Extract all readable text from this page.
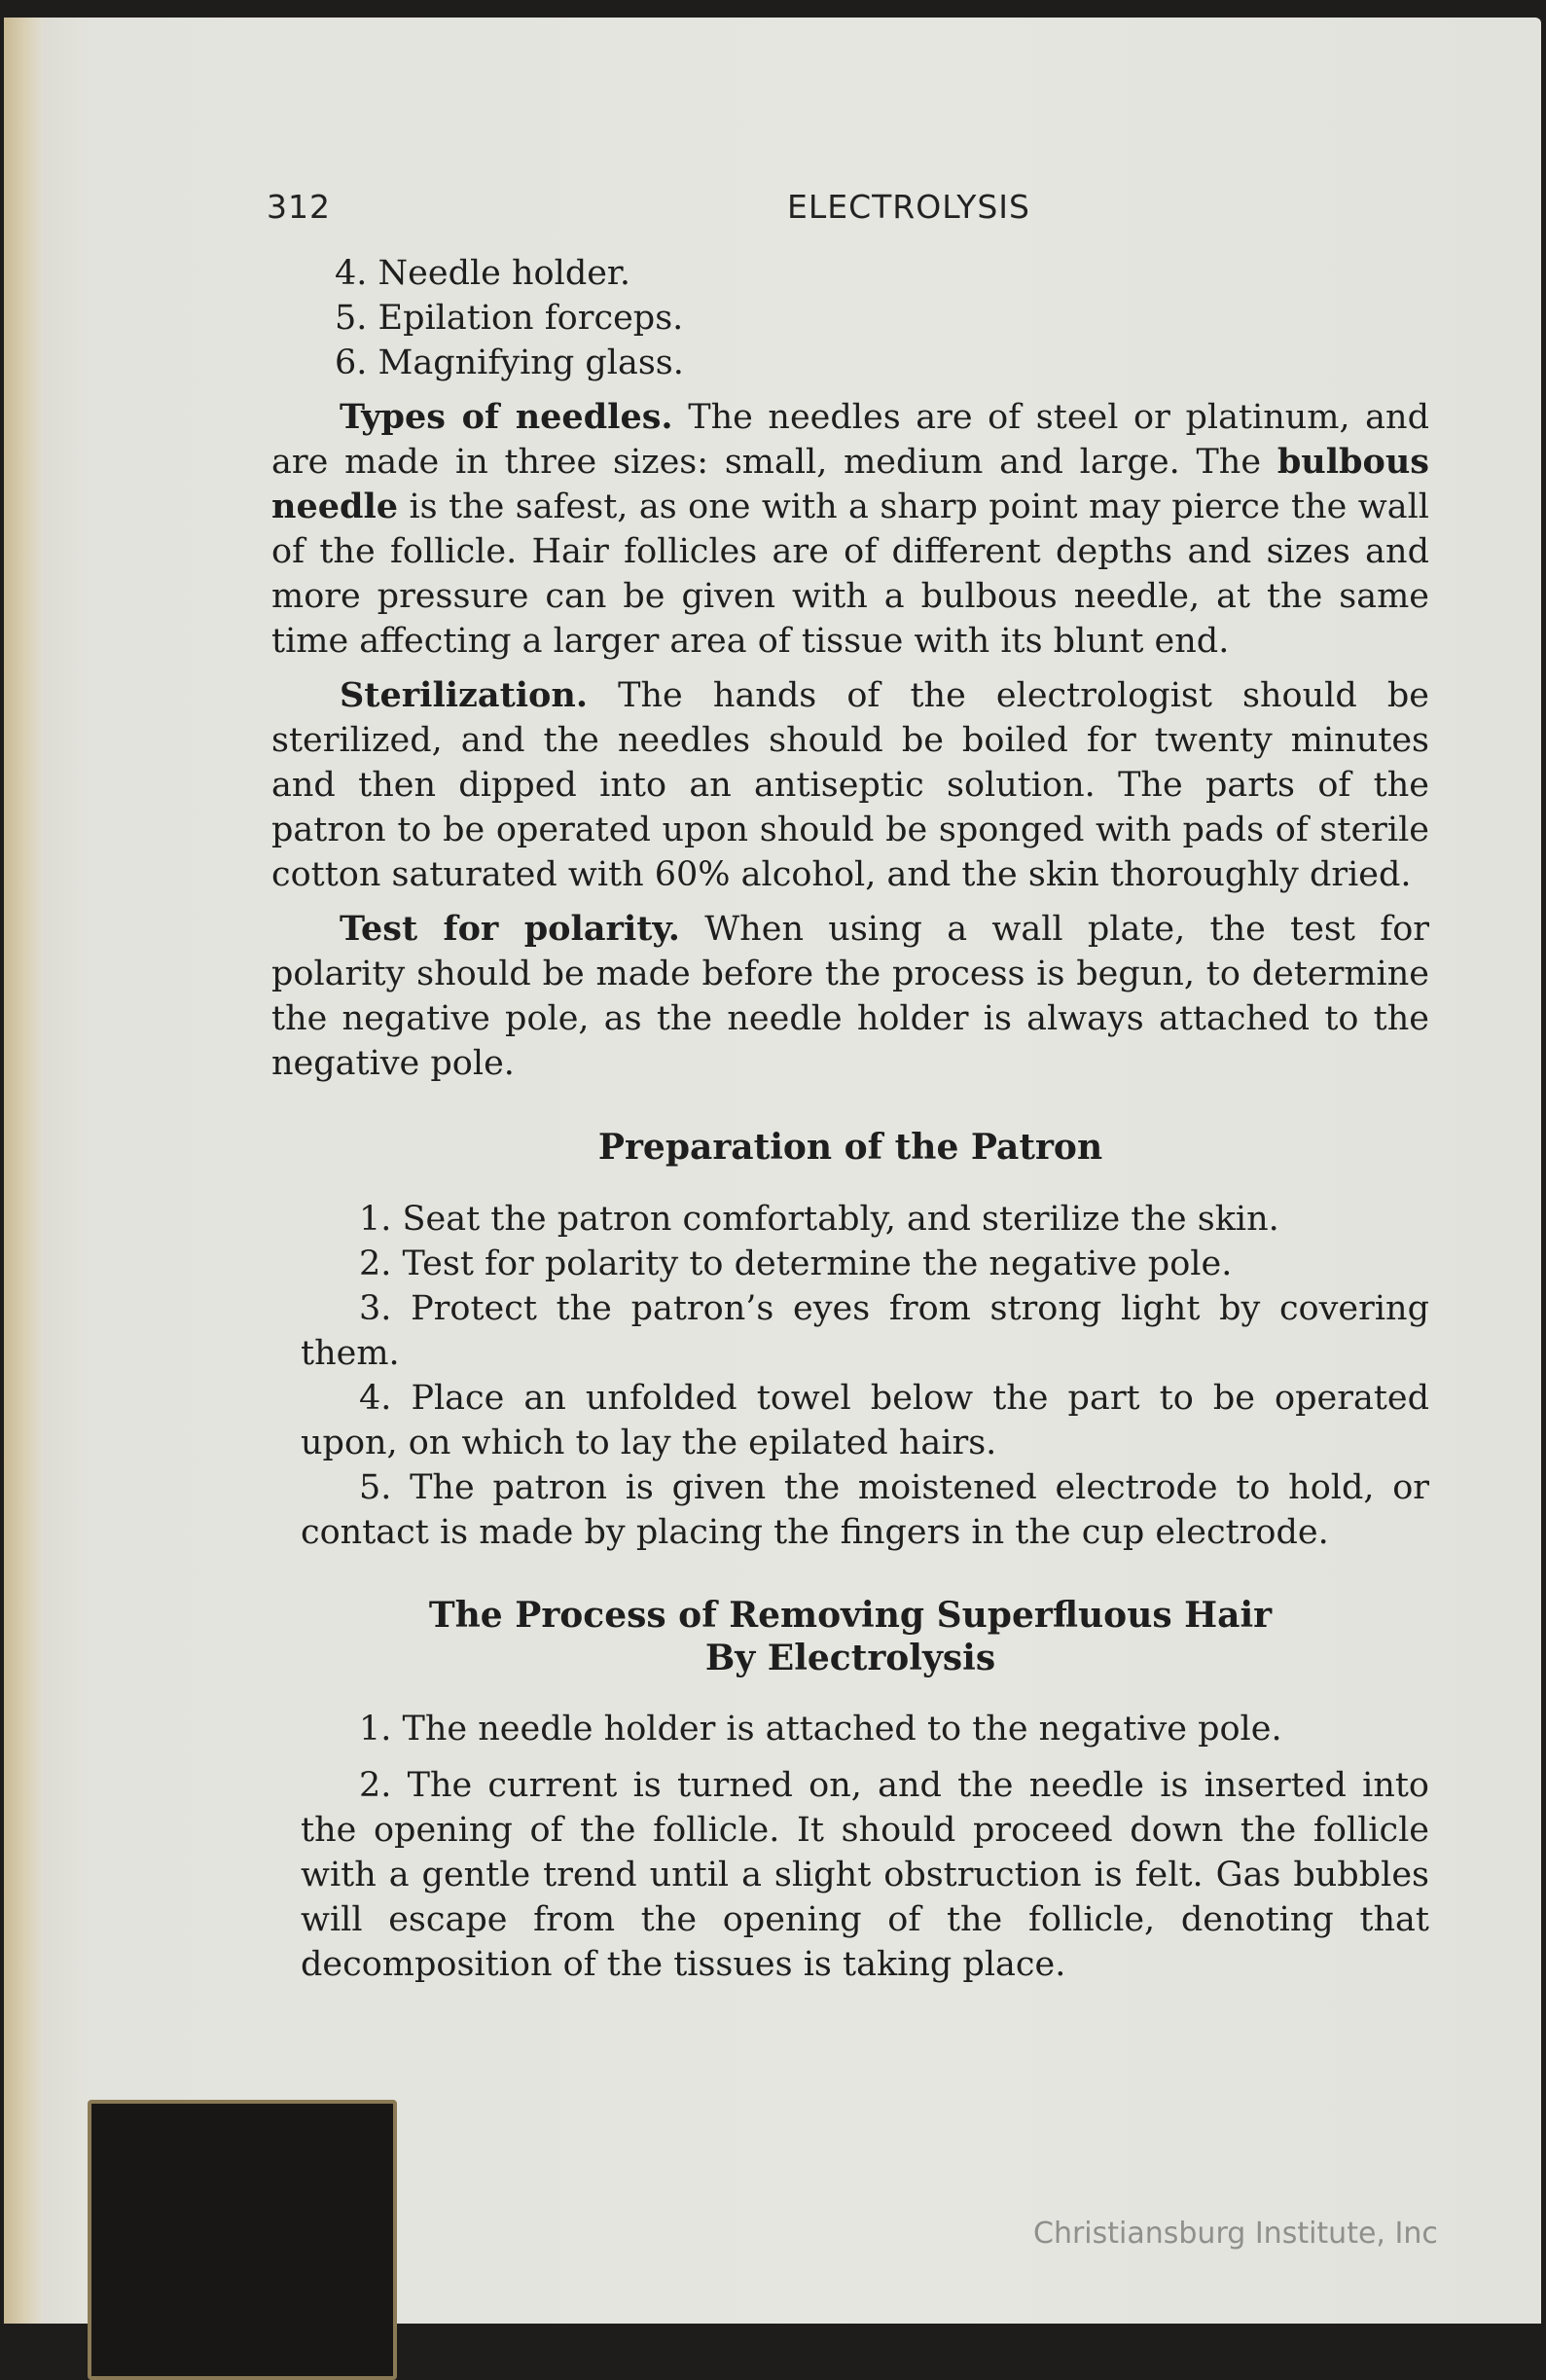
312	ELECTROLYSIS

4. Needle holder.

5. Epilation forceps.

6. Magnifying glass.

Types of needles. The needles are of steel or platinum, and are made in three sizes: small, medium and large. The bulbous needle is the safest, as one with a sharp point may pierce the wall of the follicle. Hair follicles are of different depths and sizes and more pressure can be given with a bulbous needle, at the same time affecting a larger area of tissue with its blunt end.

Sterilization. The hands of the electrologist should be sterilized, and the needles should be boiled for twenty minutes and then dipped into an antiseptic solution. The parts of the patron to be operated upon should be sponged with pads of sterile cotton saturated with 60% alcohol, and the skin thoroughly dried.

Test for polarity. When using a wall plate, the test for polarity should be made before the process is begun, to determine the negative pole, as the needle holder is always attached to the negative pole.

Preparation of the Patron

1. Seat the patron comfortably, and sterilize the skin.

2. Test for polarity to determine the negative pole.

3. Protect the patron’s eyes from strong light by covering them.

4. Place an unfolded towel below the part to be operated upon, on which to lay the epilated hairs.

5. The patron is given the moistened electrode to hold, or contact is made by placing the fingers in the cup electrode.

The Process of Removing Superfluous Hair
By Electrolysis

1. The needle holder is attached to the negative pole.

2. The current is turned on, and the needle is inserted into the opening of the follicle. It should proceed down the follicle with a gentle trend until a slight obstruction is felt. Gas bubbles will escape from the opening of the follicle, denoting that decomposition of the tissues is taking place.

Christiansburg Institute, Inc
